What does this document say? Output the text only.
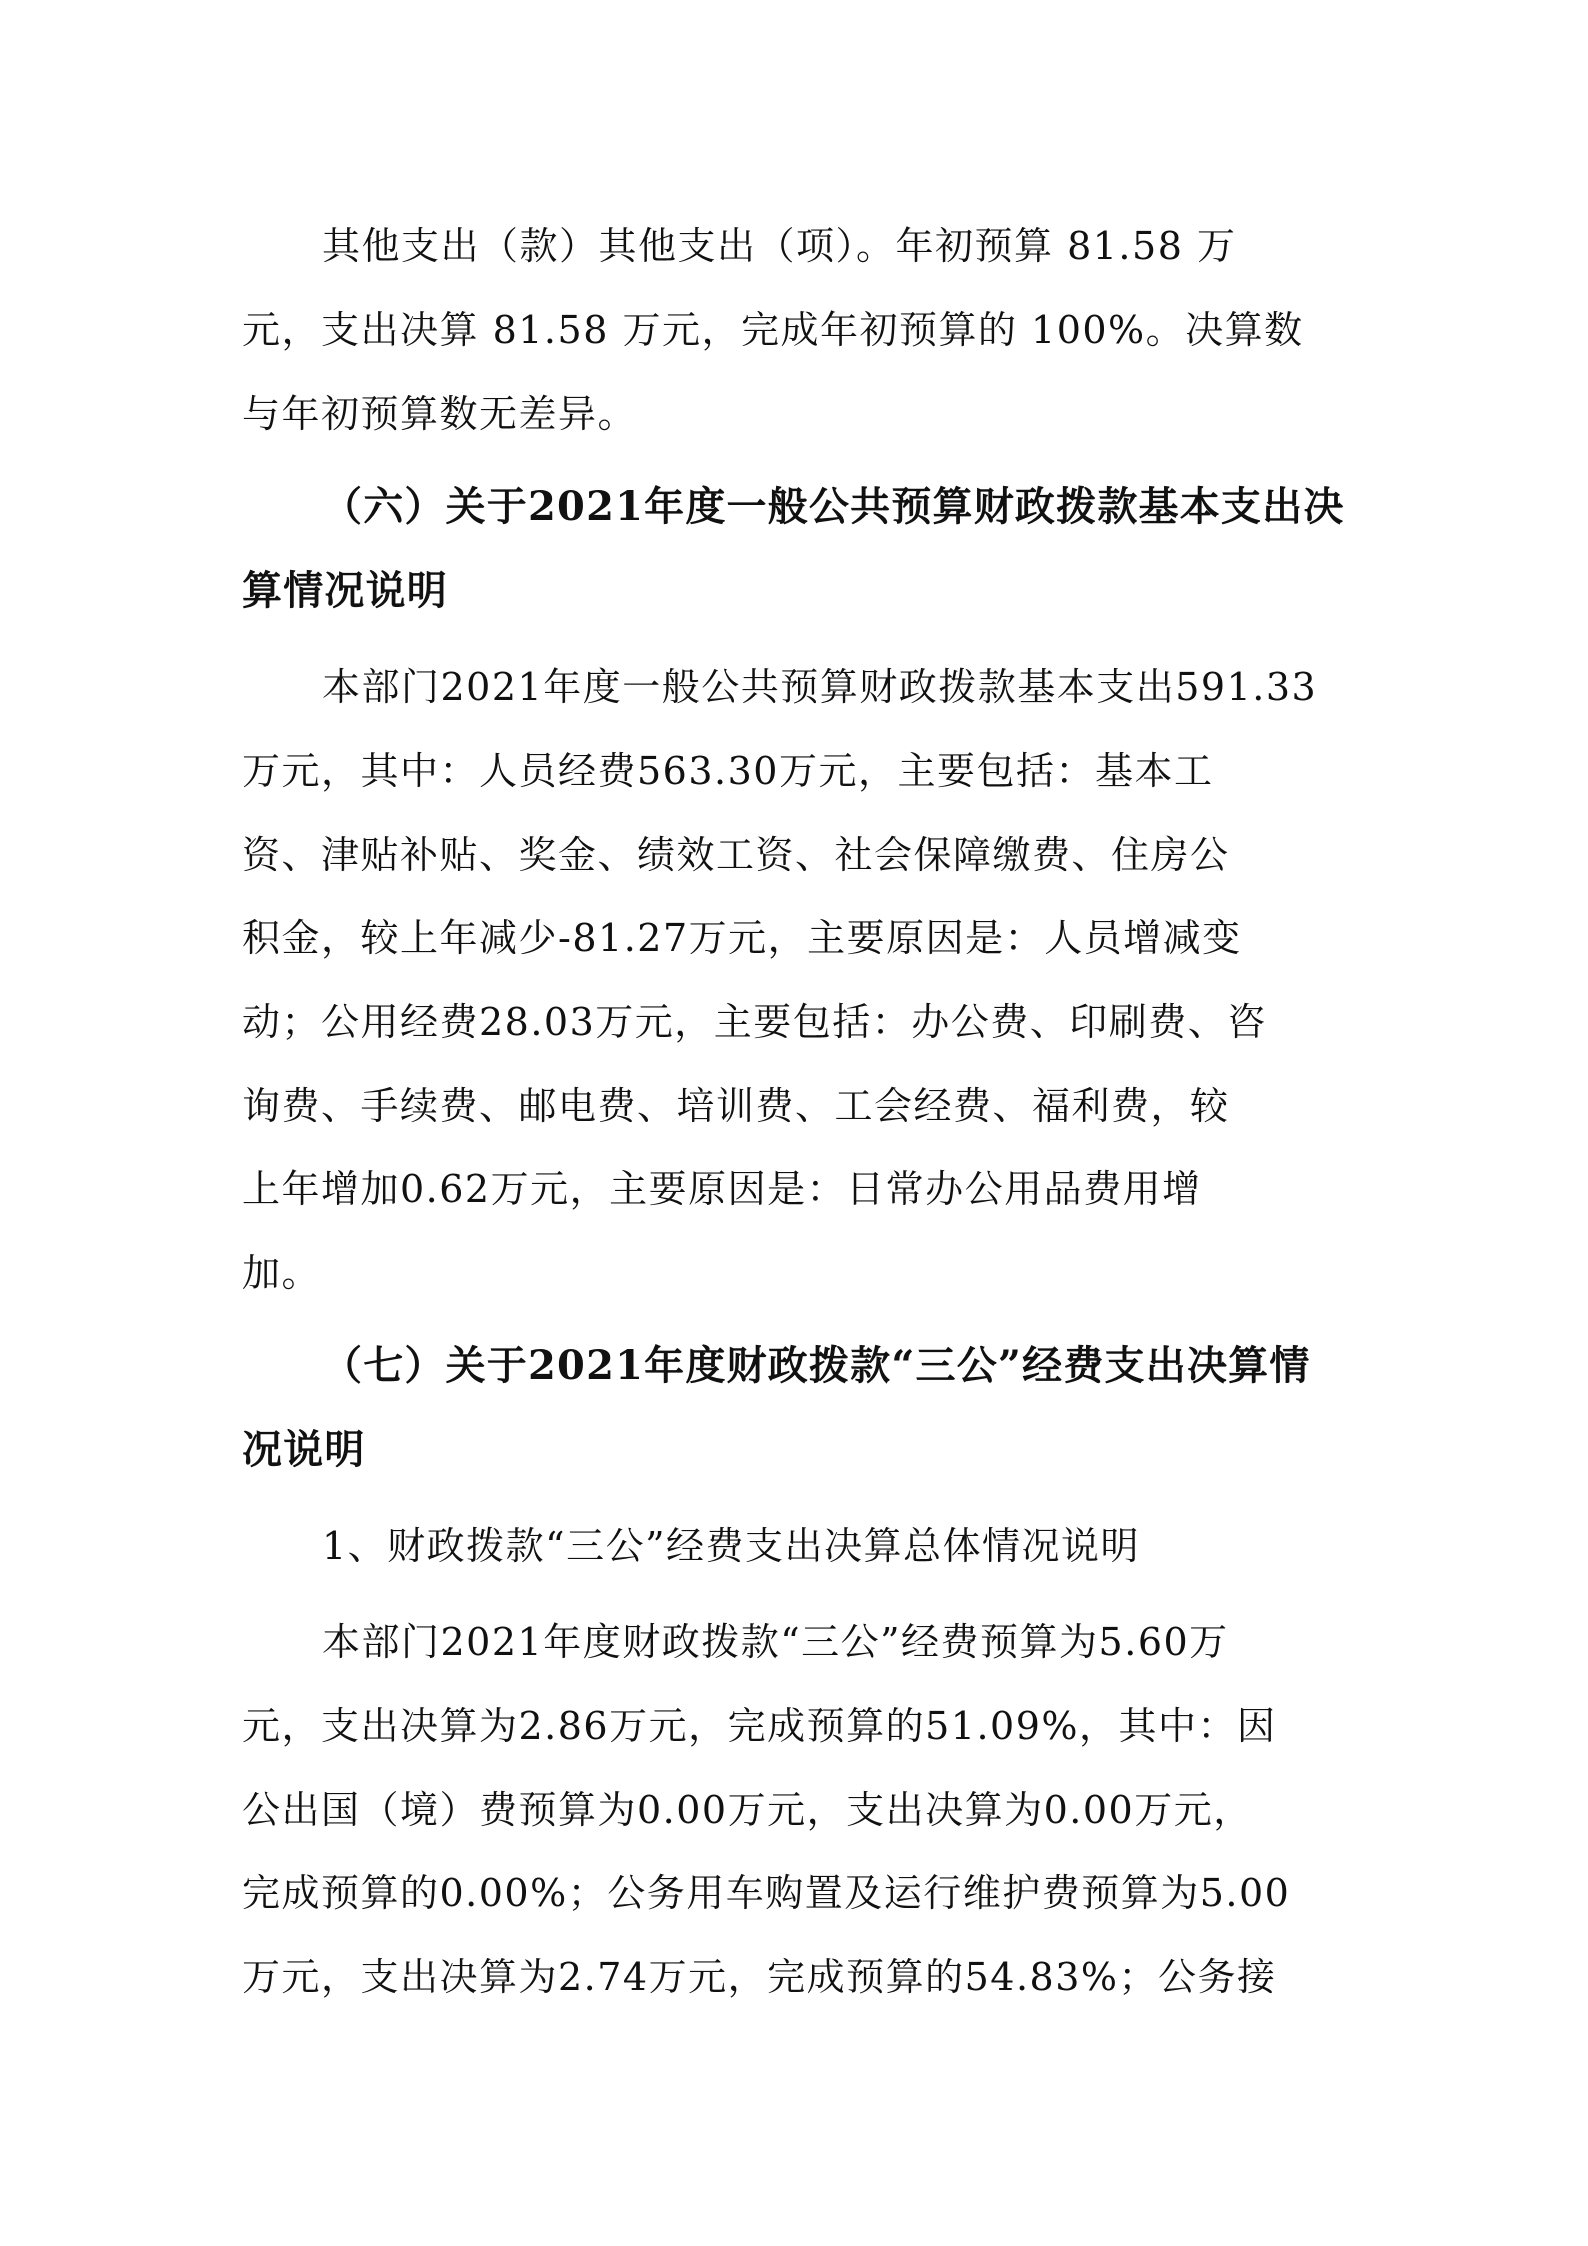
其他支出（款）其他支出（项）。年初预算 81.58 万
元，支出决算 81.58 万元，完成年初预算的 100%。决算数
与年初预算数无差异。
（六）关于2021年度一般公共预算财政拨款基本支出决
算情况说明
本部门2021年度一般公共预算财政拨款基本支出591.33
万元，其中：人员经费563.30万元，主要包括：基本工
资、津贴补贴、奖金、绩效工资、社会保障缴费、住房公
积金，较上年减少-81.27万元，主要原因是：人员增减变
动；公用经费28.03万元，主要包括：办公费、印刷费、咨
询费、手续费、邮电费、培训费、工会经费、福利费，较
上年增加0.62万元，主要原因是：日常办公用品费用增
加。
（七）关于2021年度财政拨款“三公”经费支出决算情
况说明
1、财政拨款“三公”经费支出决算总体情况说明
本部门2021年度财政拨款“三公”经费预算为5.60万
元，支出决算为2.86万元，完成预算的51.09%，其中：因
公出国（境）费预算为0.00万元，支出决算为0.00万元，
完成预算的0.00%；公务用车购置及运行维护费预算为5.00
万元，支出决算为2.74万元，完成预算的54.83%；公务接
